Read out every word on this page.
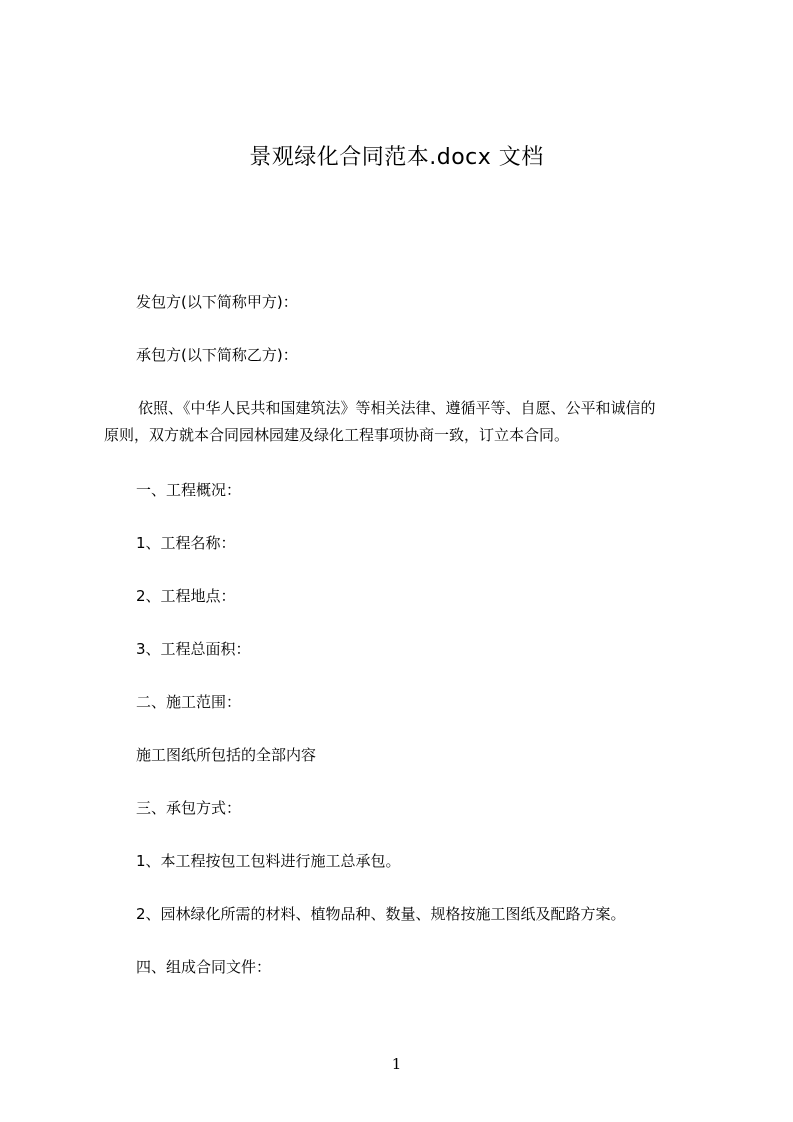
景观绿化合同范本.docx 文档
发包方(以下简称甲方)：
承包方(以下简称乙方)：
依照、《中华人民共和国建筑法》等相关法律、遵循平等、自愿、公平和诚信的
原则，双方就本合同园林园建及绿化工程事项协商一致，订立本合同。
一、工程概况：
1、工程名称：
2、工程地点：
3、工程总面积：
二、施工范围：
施工图纸所包括的全部内容
三、承包方式：
1、本工程按包工包料进行施工总承包。
2、园林绿化所需的材料、植物品种、数量、规格按施工图纸及配路方案。
四、组成合同文件：
1
